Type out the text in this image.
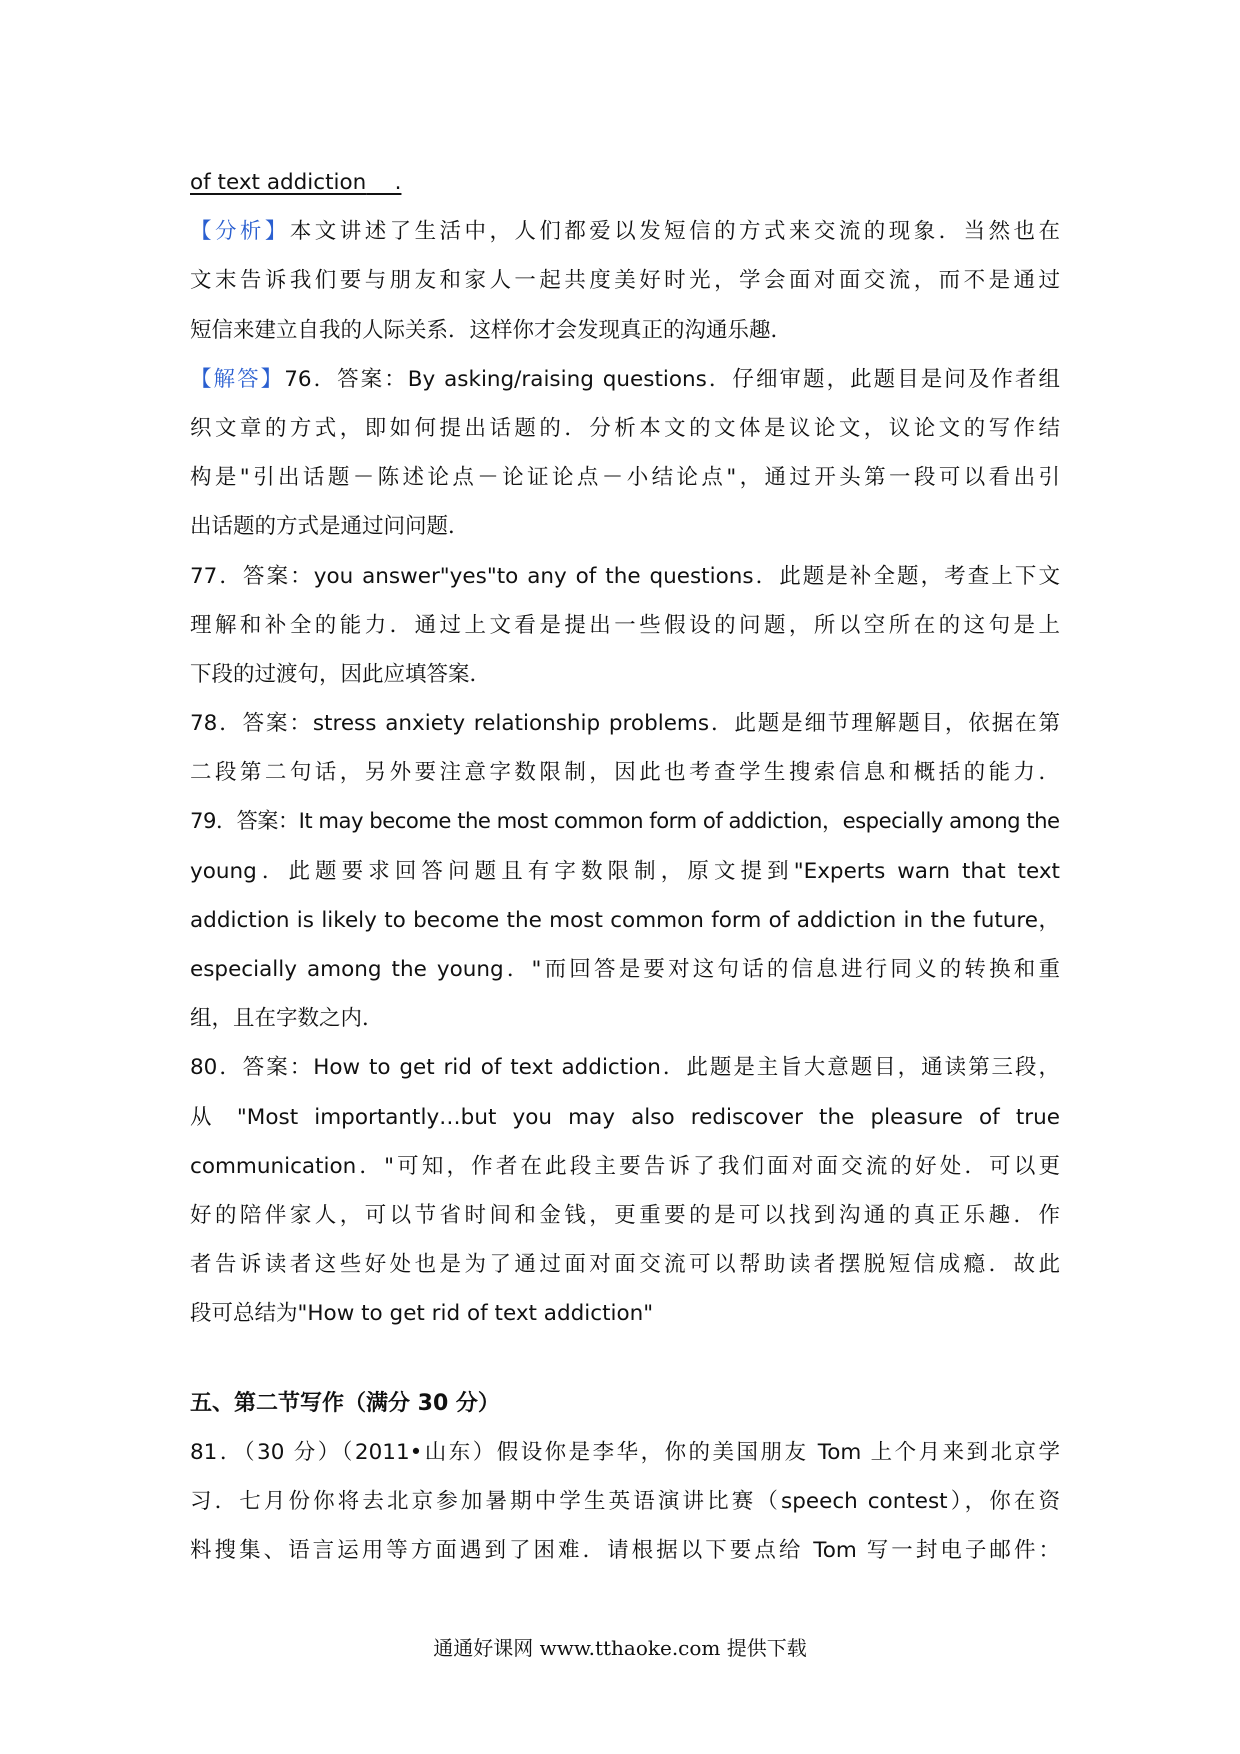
of text addiction　 .

【分析】本文讲述了生活中，人们都爱以发短信的方式来交流的现象．当然也在

文末告诉我们要与朋友和家人一起共度美好时光，学会面对面交流，而不是通过

短信来建立自我的人际关系．这样你才会发现真正的沟通乐趣．

【解答】76．答案：By asking/raising questions．仔细审题，此题目是问及作者组

织文章的方式，即如何提出话题的．分析本文的文体是议论文，议论文的写作结

构是"引出话题－陈述论点－论证论点－小结论点"，通过开头第一段可以看出引

出话题的方式是通过问问题．

77．答案：you answer"yes"to any of the questions．此题是补全题，考查上下文

理解和补全的能力．通过上文看是提出一些假设的问题，所以空所在的这句是上

下段的过渡句，因此应填答案．

78．答案：stress anxiety relationship problems．此题是细节理解题目，依据在第

二段第二句话，另外要注意字数限制，因此也考查学生搜索信息和概括的能力．

79．答案：It may become the most common form of addiction，especially among the

young．此题要求回答问题且有字数限制，原文提到"Experts warn that text

addiction is likely to become the most common form of addiction in the future，

especially among the young．"而回答是要对这句话的信息进行同义的转换和重

组，且在字数之内．

80．答案：How to get rid of text addiction．此题是主旨大意题目，通读第三段，

从 "Most importantly…but you may also rediscover the pleasure of true

communication．"可知，作者在此段主要告诉了我们面对面交流的好处．可以更

好的陪伴家人，可以节省时间和金钱，更重要的是可以找到沟通的真正乐趣．作

者告诉读者这些好处也是为了通过面对面交流可以帮助读者摆脱短信成瘾．故此

段可总结为"How to get rid of text addiction"

五、第二节写作（满分 30 分）

81．（30 分）（2011•山东）假设你是李华，你的美国朋友 Tom 上个月来到北京学

习．七月份你将去北京参加暑期中学生英语演讲比赛（speech contest），你在资

料搜集、语言运用等方面遇到了困难．请根据以下要点给 Tom 写一封电子邮件：

通通好课网 www.tthaoke.com 提供下载
